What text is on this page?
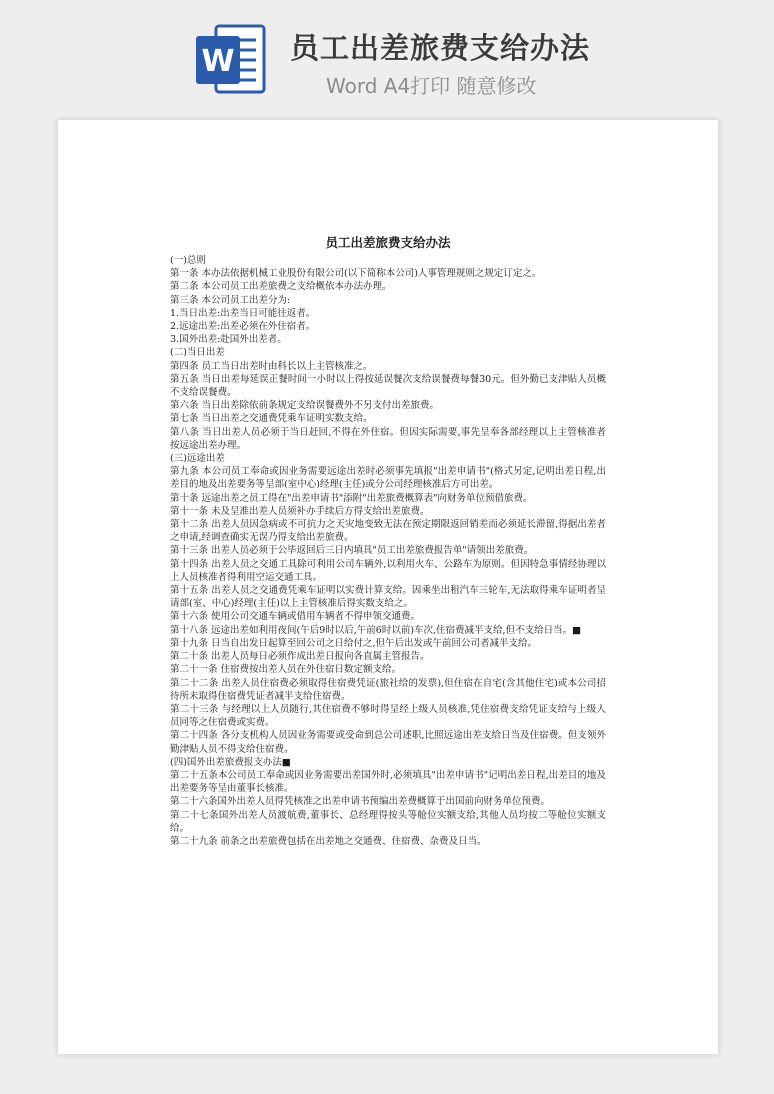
W 员工出差旅费支给办法
Word A4打印 随意修改
员工出差旅费支给办法

(一)总则

第一条 本办法依据机械工业股份有限公司(以下简称本公司)人事管理规则之规定订定之。

第二条 本公司员工出差旅费之支给概依本办法办理。

第三条 本公司员工出差分为:

1.当日出差:出差当日可能往返者。

2.远途出差:出差必须在外住宿者。

3.国外出差:赴国外出差者。

(二)当日出差

第四条 员工当日出差时由科长以上主管核准之。

第五条 当日出差每延误正餐时间一小时以上得按延误餐次支给误餐费每餐30元。但外勤已支津贴人员概不支给误餐费。

第六条 当日出差除依前条规定支给误餐费外不另支付出差旅费。

第七条 当日出差之交通费凭乘车证明实数支给。

第八条 当日出差人员必须于当日赶回,不得在外住宿。但因实际需要,事先呈奉各部经理以上主管核准者按远途出差办理。

(三)远途出差

第九条 本公司员工奉命或因业务需要远途出差时必须事先填报"出差申请书"(格式另定,记明出差日程,出差目的地及出差要务等呈部(室中心)经理(主任)或分公司经理核准后方可出差。

第十条 远途出差之员工得在"出差申请书"添附"出差旅费概算表"向财务单位预借旅费。

第十一条 未及呈准出差人员须补办手续后方得支给出差旅费。

第十二条 出差人员因急病或不可抗力之天灾地变致无法在预定期限返回销差而必须延长滞留,得据出差者之申请,经调查确实无误乃得支给出差旅费。

第十三条 出差人员必须于公毕返回后三日内填具"员工出差旅费报告单"请领出差旅费。

第十四条 出差人员之交通工具除可利用公司车辆外,以利用火车、公路车为原则。但因特急事情经协理以上人员核准者得利用空运交通工具。

第十五条 出差人员之交通费凭乘车证明以实费计算支给。因乘坐出租汽车三轮车,无法取得乘车证明者呈请部(室、中心)经理(主任)以上主管核准后得实数支给之。

第十六条 使用公司交通车辆或借用车辆者不得申领交通费。

第十八条 远途出差如利用夜间(午后9时以后,午前6时以前)车次,住宿费减半支给,但不支给日当。■

第十九条 日当自出发日起算至回公司之日给付之,但午后出发或午前回公司者减半支给。

第二十条 出差人员每日必须作成出差日报向各直属主管报告。

第二十一条 住宿费按出差人员在外住宿日数定额支给。

第二十二条 出差人员住宿费必须取得住宿费凭证(旅社给的发票),但住宿在自宅(含其他住宅)或本公司招待所未取得住宿费凭证者减半支给住宿费。

第二十三条 与经理以上人员随行,其住宿费不够时得呈经上级人员核准,凭住宿费支给凭证支给与上级人员同等之住宿费或实费。

第二十四条 各分支机构人员因业务需要或受命到总公司述职,比照远途出差支给日当及住宿费。但支领外勤津贴人员不得支给住宿费。

(四)国外出差旅费报支办法■

第二十五条本公司员工奉命或因业务需要出差国外时,必须填具"出差申请书"记明出差日程,出差目的地及出差要务等呈由董事长核准。

第二十六条国外出差人员得凭核准之出差申请书预编出差费概算于出国前向财务单位预费。

第二十七条国外出差人员渡航费,董事长、总经理得按头等舱位实额支给,其他人员均按二等舱位实额支给。

第二十九条 前条之出差旅费包括在出差地之交通费、住宿费、杂费及日当。
